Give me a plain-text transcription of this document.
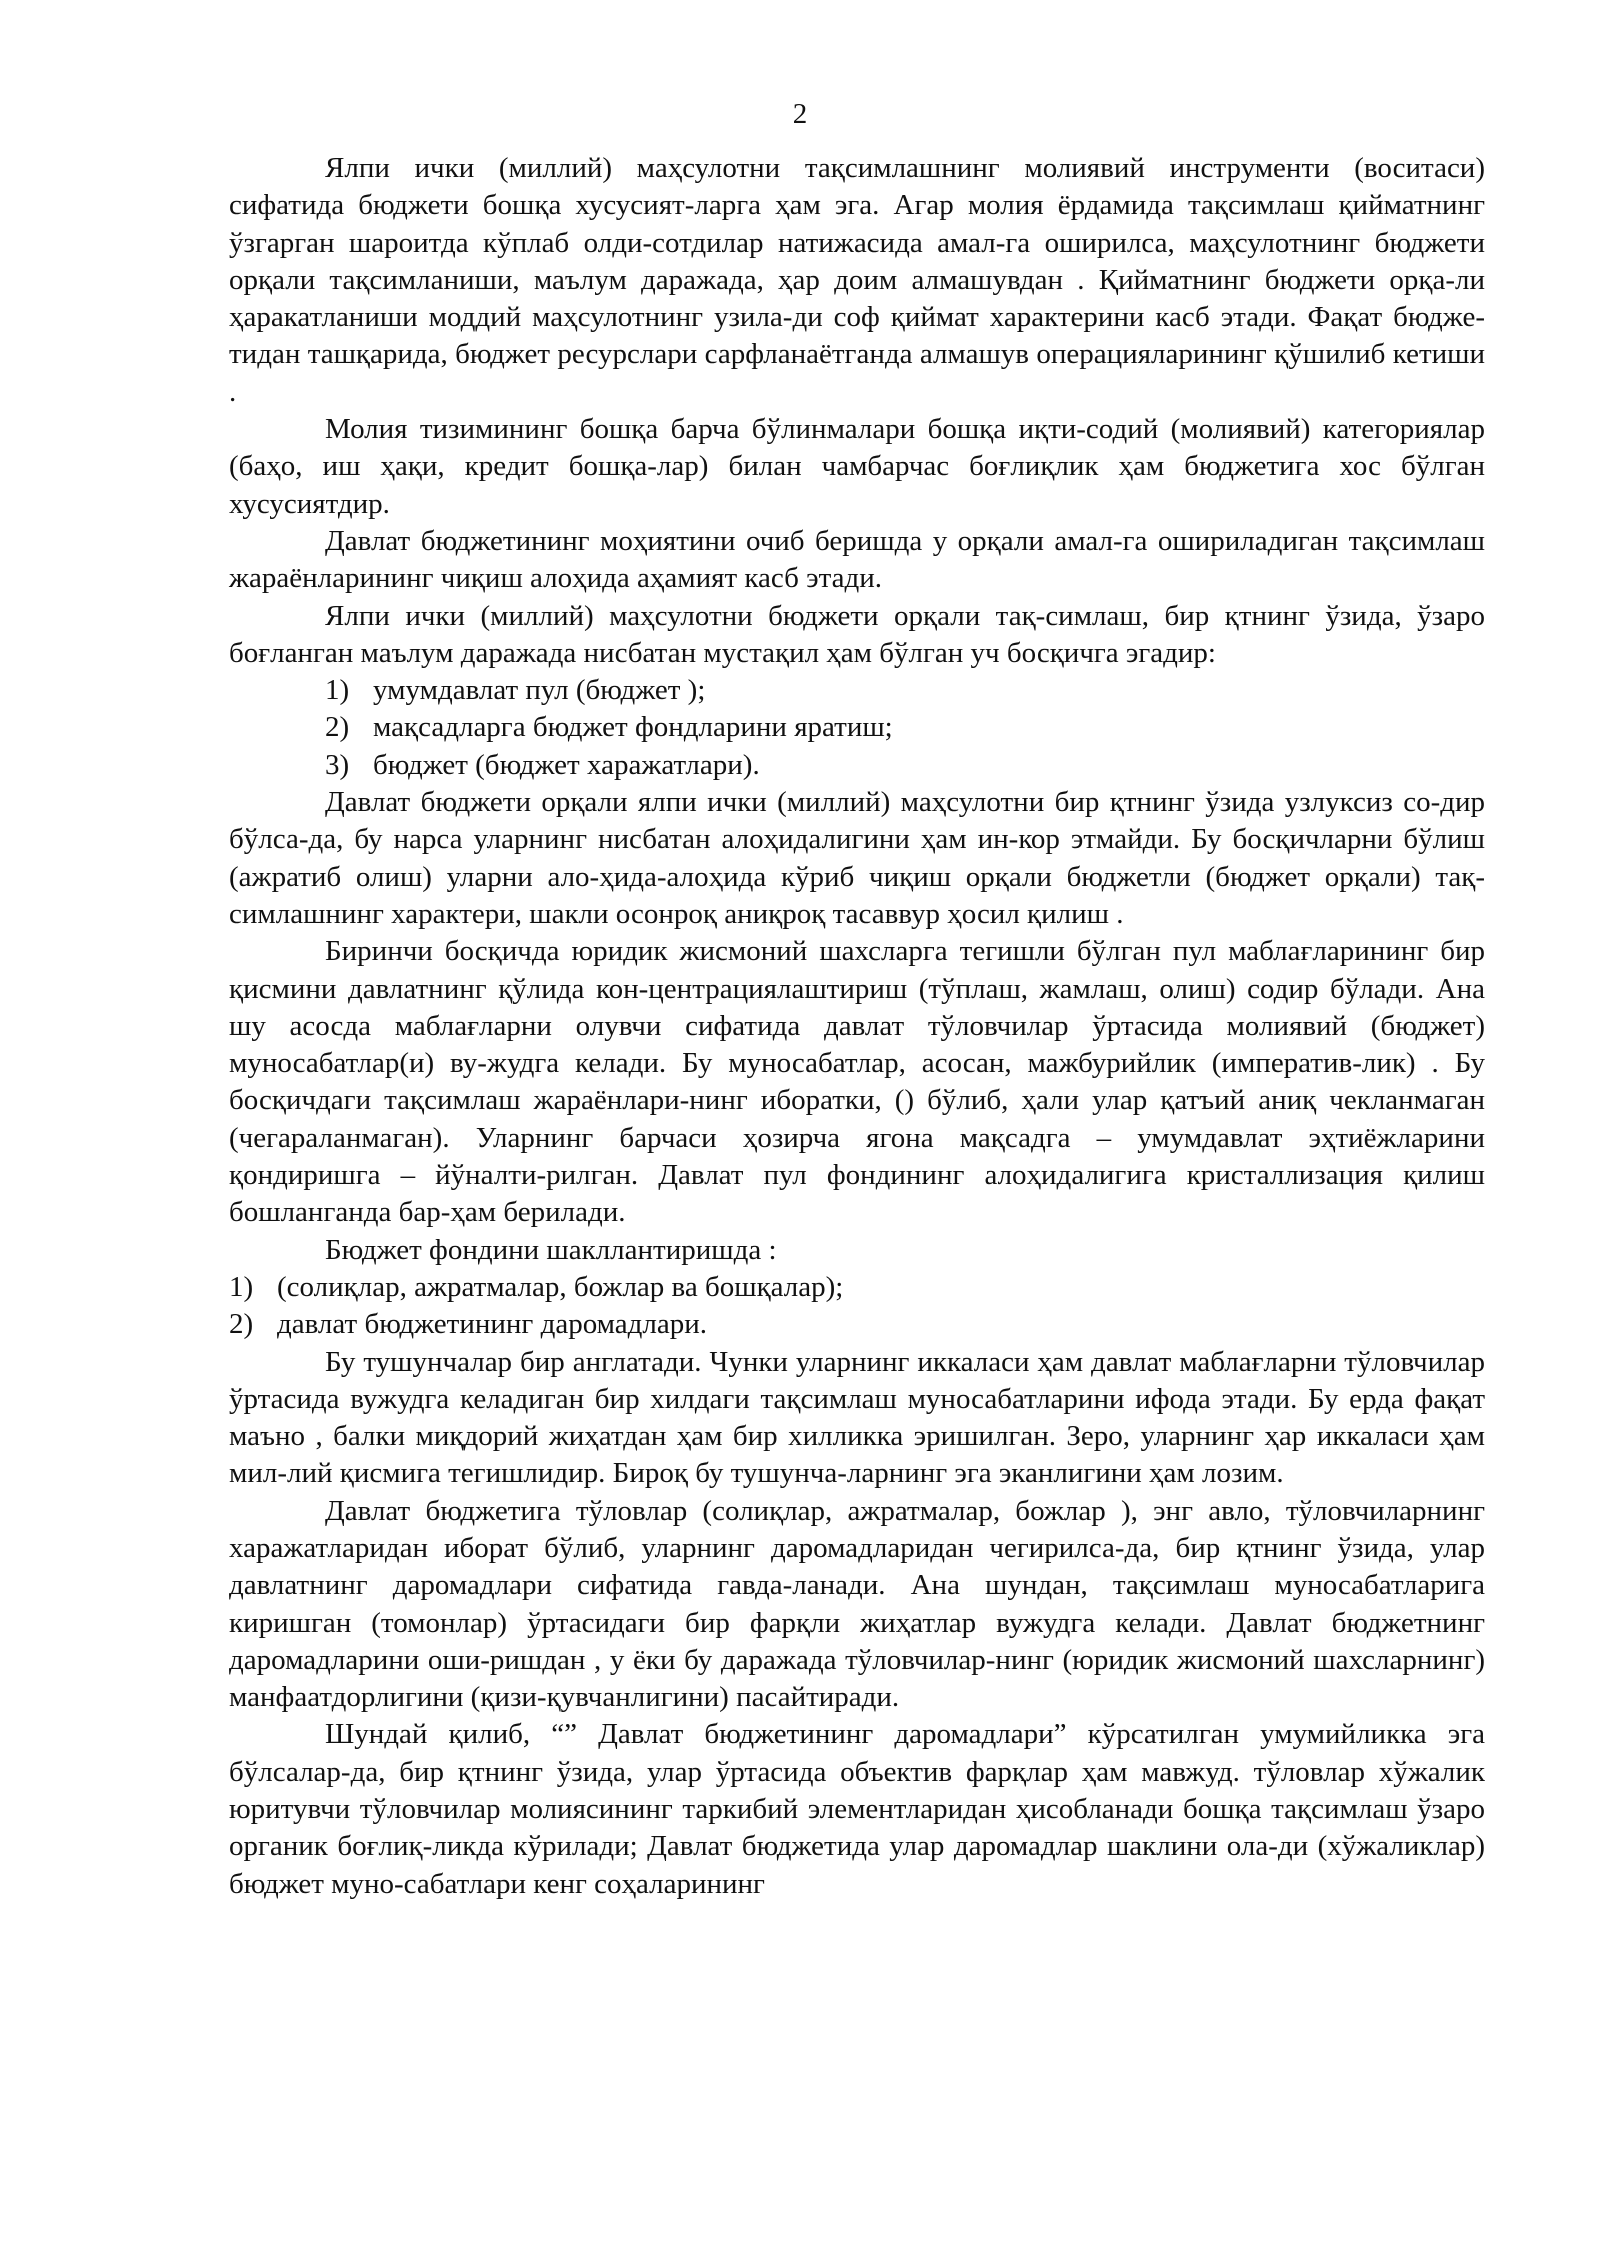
2

Ялпи ички (миллий) маҳсулотни тақсимлашнинг молиявий инструменти (воситаси) сифатида бюджети бошқа хусусият-ларга ҳам эга. Агар молия ёрдамида тақсимлаш қийматнинг ўзгарган шароитда кўплаб олди-сотдилар натижасида амал-га оширилса, маҳсулотнинг бюджети орқали тақсимланиши, маълум даражада, ҳар доим алмашувдан . Қийматнинг бюджети орқа-ли ҳаракатланиши моддий маҳсулотнинг узила-ди соф қиймат характерини касб этади. Фақат бюдже-тидан ташқарида, бюджет ресурслари сарфланаётганда алмашув операцияларининг қўшилиб кетиши .

Молия тизимининг бошқа барча бўлинмалари бошқа иқти-содий (молиявий) категориялар (баҳо, иш ҳақи, кредит бошқа-лар) билан чамбарчас боғлиқлик ҳам бюджетига хос бўлган хусусиятдир.

Давлат бюджетининг моҳиятини очиб беришда у орқали амал-га ошириладиган тақсимлаш жараёнларининг чиқиш алоҳида аҳамият касб этади.

Ялпи ички (миллий) маҳсулотни бюджети орқали тақ-симлаш, бир қтнинг ўзида, ўзаро боғланган маълум даражада нисбатан мустақил ҳам бўлган уч босқичга эгадир:

1) умумдавлат пул (бюджет );
2) мақсадларга бюджет фондларини яратиш;
3) бюджет (бюджет харажатлари).

Давлат бюджети орқали ялпи ички (миллий) маҳсулотни бир қтнинг ўзида узлуксиз со-дир бўлса-да, бу нарса уларнинг нисбатан алоҳидалигини ҳам ин-кор этмайди. Бу босқичларни бўлиш (ажратиб олиш) уларни ало-ҳида-алоҳида кўриб чиқиш орқали бюджетли (бюджет орқали) тақ-симлашнинг характери, шакли осонроқ аниқроқ тасаввур ҳосил қилиш .

Биринчи босқичда юридик жисмоний шахсларга тегишли бўлган пул маблағларининг бир қисмини давлатнинг қўлида кон-центрациялаштириш (тўплаш, жамлаш, олиш) содир бўлади. Ана шу асосда маблағларни олувчи сифатида давлат тўловчилар ўртасида молиявий (бюджет) муносабатлар(и) ву-жудга келади. Бу муносабатлар, асосан, мажбурийлик (императив-лик) . Бу босқичдаги тақсимлаш жараёнлари-нинг иборатки, () бўлиб, ҳали улар қатъий аниқ чекланмаган (чегараланмаган). Уларнинг барчаси ҳозирча ягона мақсадга – умумдавлат эҳтиёжларини қондиришга – йўналти-рилган. Давлат пул фондининг алоҳидалигига кристаллизация қилиш бошланганда бар-ҳам берилади.

Бюджет фондини шакллантиришда :

1) (солиқлар, ажратмалар, божлар ва бошқалар);
2) давлат бюджетининг даромадлари.

Бу тушунчалар бир англатади. Чунки уларнинг иккаласи ҳам давлат маблағларни тўловчилар ўртасида вужудга келадиган бир хилдаги тақсимлаш муносабатларини ифода этади. Бу ерда фақат маъно , балки миқдорий жиҳатдан ҳам бир хилликка эришилган. Зеро, уларнинг ҳар иккаласи ҳам мил-лий қисмига тегишлидир. Бироқ бу тушунча-ларнинг эга эканлигини ҳам лозим.

Давлат бюджетига тўловлар (солиқлар, ажратмалар, божлар ), энг авло, тўловчиларнинг харажатларидан иборат бўлиб, уларнинг даромадларидан чегирилса-да, бир қтнинг ўзида, улар давлатнинг даромадлари сифатида гавда-ланади. Ана шундан, тақсимлаш муносабатларига киришган (томонлар) ўртасидаги бир фарқли жиҳатлар вужудга келади. Давлат бюджетнинг даромадларини оши-ришдан , у ёки бу даражада тўловчилар-нинг (юридик жисмоний шахсларнинг) манфаатдорлигини (қизи-қувчанлигини) пасайтиради.

Шундай қилиб, “” Давлат бюджетининг даромадлари” кўрсатилган умумийликка эга бўлсалар-да, бир қтнинг ўзида, улар ўртасида объектив фарқлар ҳам мавжуд. тўловлар хўжалик юритувчи тўловчилар молиясининг таркибий элементларидан ҳисобланади бошқа тақсимлаш ўзаро органик боғлиқ-ликда кўрилади; Давлат бюджетида улар даромадлар шаклини ола-ди (хўжаликлар) бюджет муно-сабатлари кенг соҳаларининг
